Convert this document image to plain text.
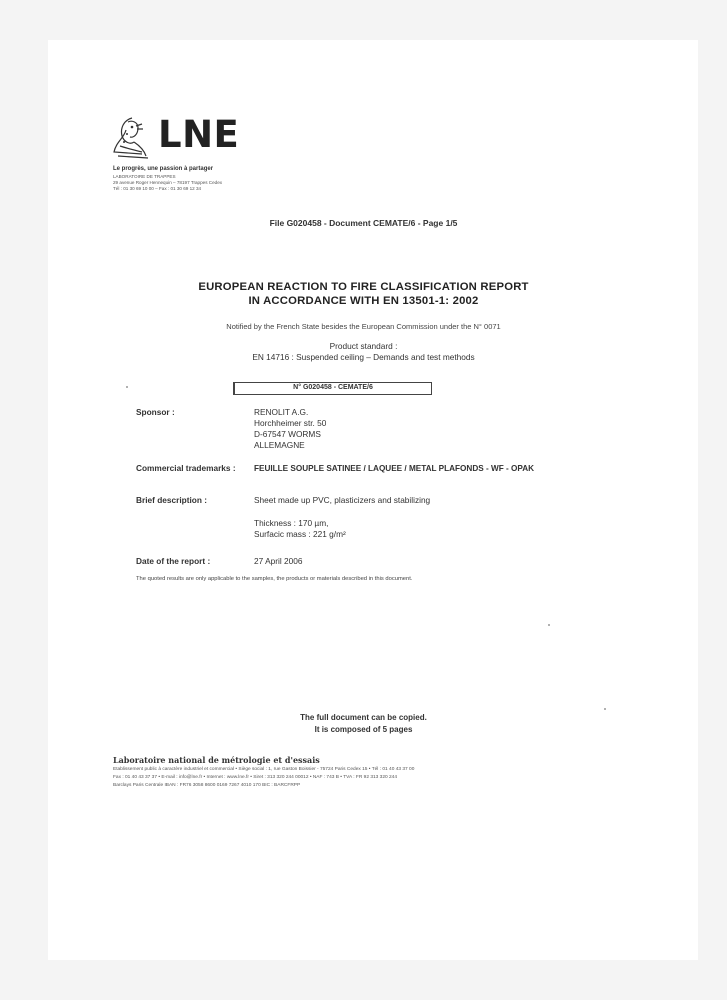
LNE
Le progrès, une passion à partager
LABORATOIRE DE TRAPPES
29 avenue Roger Hennequin – 78197 Trappes Cedex
Tél : 01 30 69 10 00 – Fax : 01 30 69 12 34
File G020458 - Document CEMATE/6 - Page 1/5
EUROPEAN REACTION TO FIRE CLASSIFICATION REPORT
IN ACCORDANCE WITH EN 13501-1: 2002
Notified by the French State besides the European Commission under the N° 0071
Product standard :
EN 14716 : Suspended ceiling – Demands and test methods
N° G020458 - CEMATE/6
Sponsor :	RENOLIT A.G.
Horchheimer str. 50
D-67547 WORMS
ALLEMAGNE
Commercial trademarks : FEUILLE SOUPLE SATINEE / LAQUEE / METAL PLAFONDS - WF - OPAK
Brief description :	Sheet made up PVC, plasticizers and stabilizing
Thickness : 170 µm,
Surfacic mass : 221 g/m²
Date of the report :	27 April 2006
The quoted results are only applicable to the samples, the products or materials described in this document.
The full document can be copied.
It is composed of 5 pages
Laboratoire national de métrologie et d'essais
Etablissement public à caractère industriel et commercial • Siège social : 1, rue Gaston Boissier - 75724 Paris Cedex 15 • Tél : 01 40 43 37 00
Fax : 01 40 43 37 37 • E-mail : info@lne.fr • Internet : www.lne.fr • Siret : 313 320 244 00012 • NAF : 743 B • TVA : FR 92 313 320 244
Barclays Paris Centrale IBAN : FR76 3058 8600 0169 7267 4010 170 BIC : BARCFRPP
